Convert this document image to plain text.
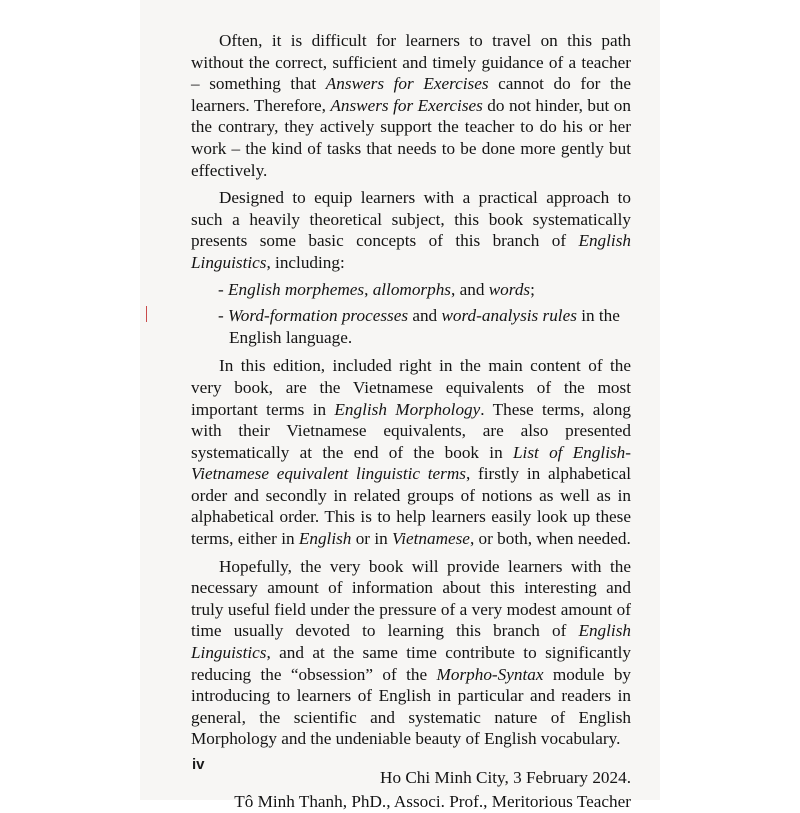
Often, it is difficult for learners to travel on this path without the correct, sufficient and timely guidance of a teacher – something that Answers for Exercises cannot do for the learners. Therefore, Answers for Exercises do not hinder, but on the contrary, they actively support the teacher to do his or her work – the kind of tasks that needs to be done more gently but effectively.

Designed to equip learners with a practical approach to such a heavily theoretical subject, this book systematically presents some basic concepts of this branch of English Linguistics, including:

- English morphemes, allomorphs, and words;
- Word-formation processes and word-analysis rules in the English language.

In this edition, included right in the main content of the very book, are the Vietnamese equivalents of the most important terms in English Morphology. These terms, along with their Vietnamese equivalents, are also presented systematically at the end of the book in List of English-Vietnamese equivalent linguistic terms, firstly in alphabetical order and secondly in related groups of notions as well as in alphabetical order. This is to help learners easily look up these terms, either in English or in Vietnamese, or both, when needed.

Hopefully, the very book will provide learners with the necessary amount of information about this interesting and truly useful field under the pressure of a very modest amount of time usually devoted to learning this branch of English Linguistics, and at the same time contribute to significantly reducing the “obsession” of the Morpho-Syntax module by introducing to learners of English in particular and readers in general, the scientific and systematic nature of English Morphology and the undeniable beauty of English vocabulary.

Ho Chi Minh City, 3 February 2024.
Tô Minh Thanh, PhD., Associ. Prof., Meritorious Teacher
iv
